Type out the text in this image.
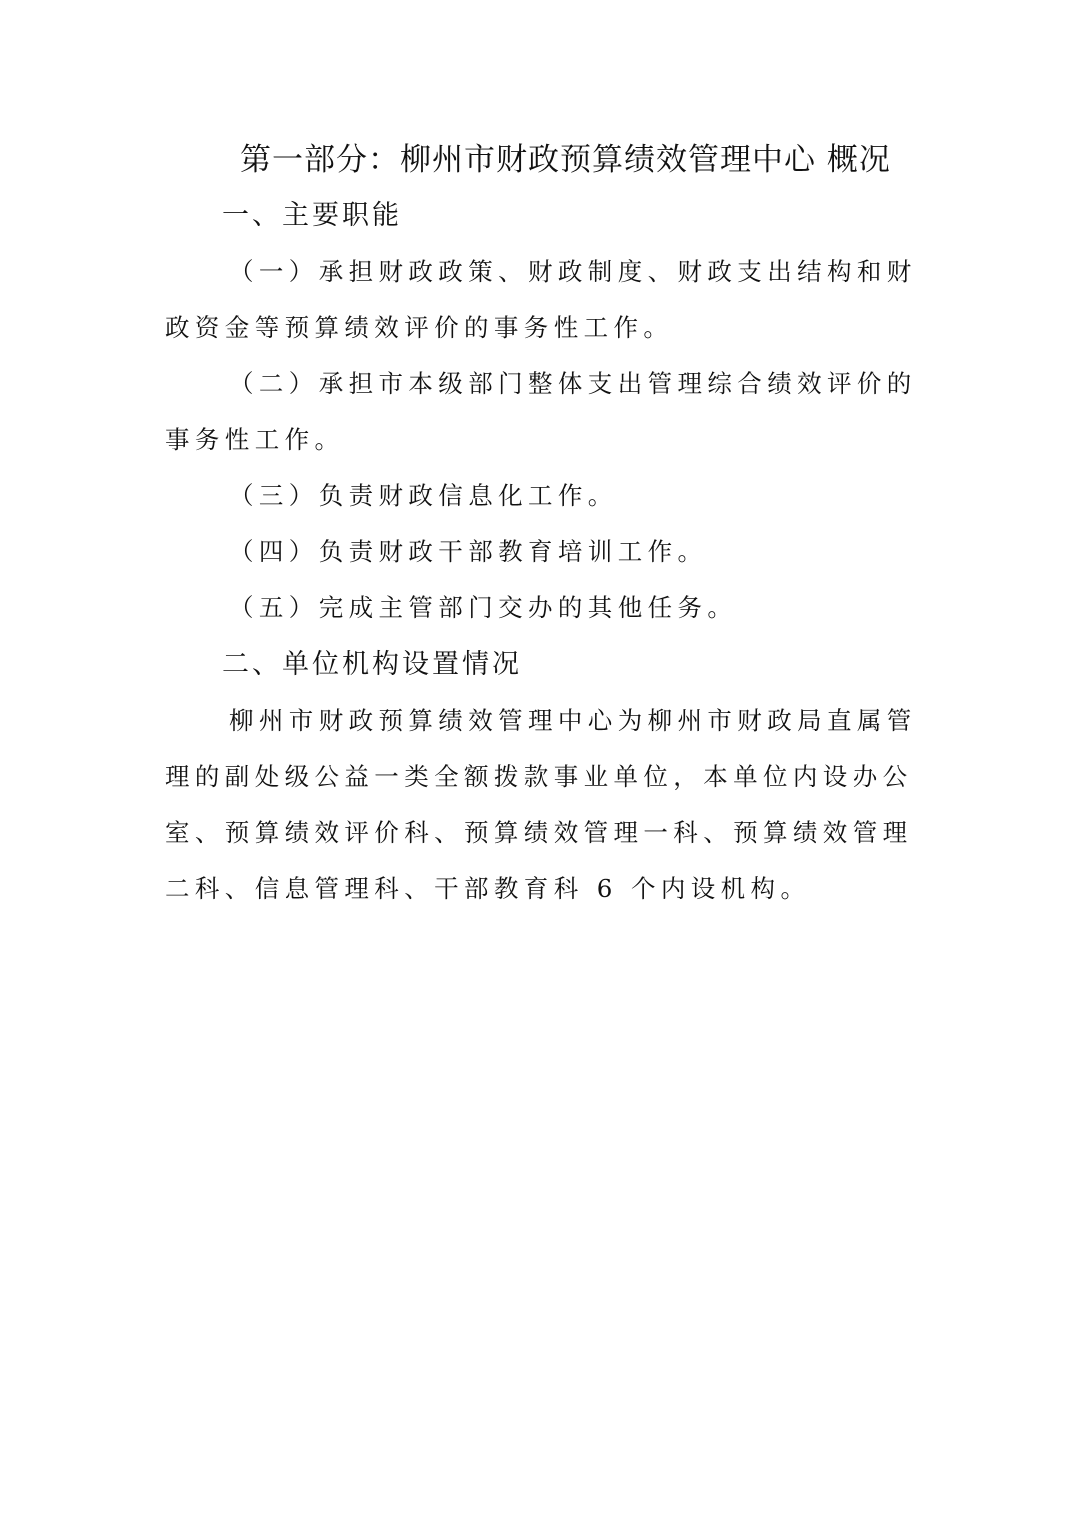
第一部分：柳州市财政预算绩效管理中心 概况
一、主要职能

（一）承担财政政策、财政制度、财政支出结构和财政资金等预算绩效评价的事务性工作。

（二）承担市本级部门整体支出管理综合绩效评价的事务性工作。

（三）负责财政信息化工作。

（四）负责财政干部教育培训工作。

（五）完成主管部门交办的其他任务。

二、单位机构设置情况

柳州市财政预算绩效管理中心为柳州市财政局直属管理的副处级公益一类全额拨款事业单位，本单位内设办公室、预算绩效评价科、预算绩效管理一科、预算绩效管理二科、信息管理科、干部教育科 6 个内设机构。
